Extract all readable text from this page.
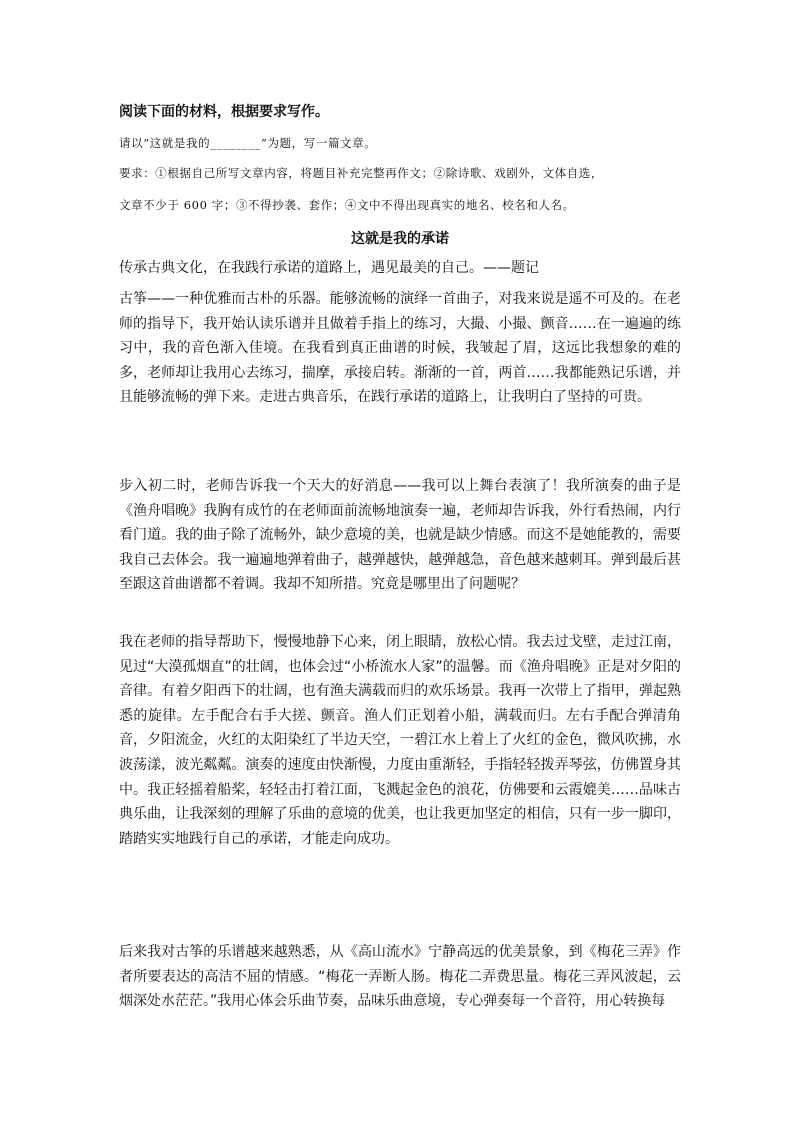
阅读下面的材料，根据要求写作。
请以“这就是我的________”为题，写一篇文章。
要求：①根据自己所写文章内容，将题目补充完整再作文；②除诗歌、戏剧外，文体自选，
文章不少于 600 字；③不得抄袭、套作；④文中不得出现真实的地名、校名和人名。
这就是我的承诺

传承古典文化，在我践行承诺的道路上，遇见最美的自己。——题记

古筝——一种优雅而古朴的乐器。能够流畅的演绎一首曲子，对我来说是遥不可及的。在老师的指导下，我开始认读乐谱并且做着手指上的练习，大撮、小撮、颤音……在一遍遍的练习中，我的音色渐入佳境。在我看到真正曲谱的时候，我皱起了眉，这远比我想象的难的多，老师却让我用心去练习，揣摩，承接启转。渐渐的一首，两首……我都能熟记乐谱，并且能够流畅的弹下来。走进古典音乐，在践行承诺的道路上，让我明白了坚持的可贵。

步入初二时，老师告诉我一个天大的好消息——我可以上舞台表演了！我所演奏的曲子是《渔舟唱晚》我胸有成竹的在老师面前流畅地演奏一遍，老师却告诉我，外行看热闹，内行看门道。我的曲子除了流畅外，缺少意境的美，也就是缺少情感。而这不是她能教的，需要我自己去体会。我一遍遍地弹着曲子，越弹越快，越弹越急，音色越来越刺耳。弹到最后甚至跟这首曲谱都不着调。我却不知所措。究竟是哪里出了问题呢？

我在老师的指导帮助下，慢慢地静下心来，闭上眼睛，放松心情。我去过戈壁，走过江南，见过“大漠孤烟直”的壮阔，也体会过“小桥流水人家”的温馨。而《渔舟唱晚》正是对夕阳的音律。有着夕阳西下的壮阔，也有渔夫满载而归的欢乐场景。我再一次带上了指甲，弹起熟悉的旋律。左手配合右手大搓、颤音。渔人们正划着小船，满载而归。左右手配合弹清角音，夕阳流金，火红的太阳染红了半边天空，一碧江水上着上了火红的金色，微风吹拂，水波荡漾，波光粼粼。演奏的速度由快渐慢，力度由重渐轻，手指轻轻拨弄琴弦，仿佛置身其中。我正轻摇着船桨，轻轻击打着江面，飞溅起金色的浪花，仿佛要和云霞媲美……品味古典乐曲，让我深刻的理解了乐曲的意境的优美，也让我更加坚定的相信，只有一步一脚印，踏踏实实地践行自己的承诺，才能走向成功。

后来我对古筝的乐谱越来越熟悉，从《高山流水》宁静高远的优美景象，到《梅花三弄》作者所要表达的高洁不屈的情感。“梅花一弄断人肠。梅花二弄费思量。梅花三弄风波起，云烟深处水茫茫。”我用心体会乐曲节奏，品味乐曲意境，专心弹奏每一个音符，用心转换每
